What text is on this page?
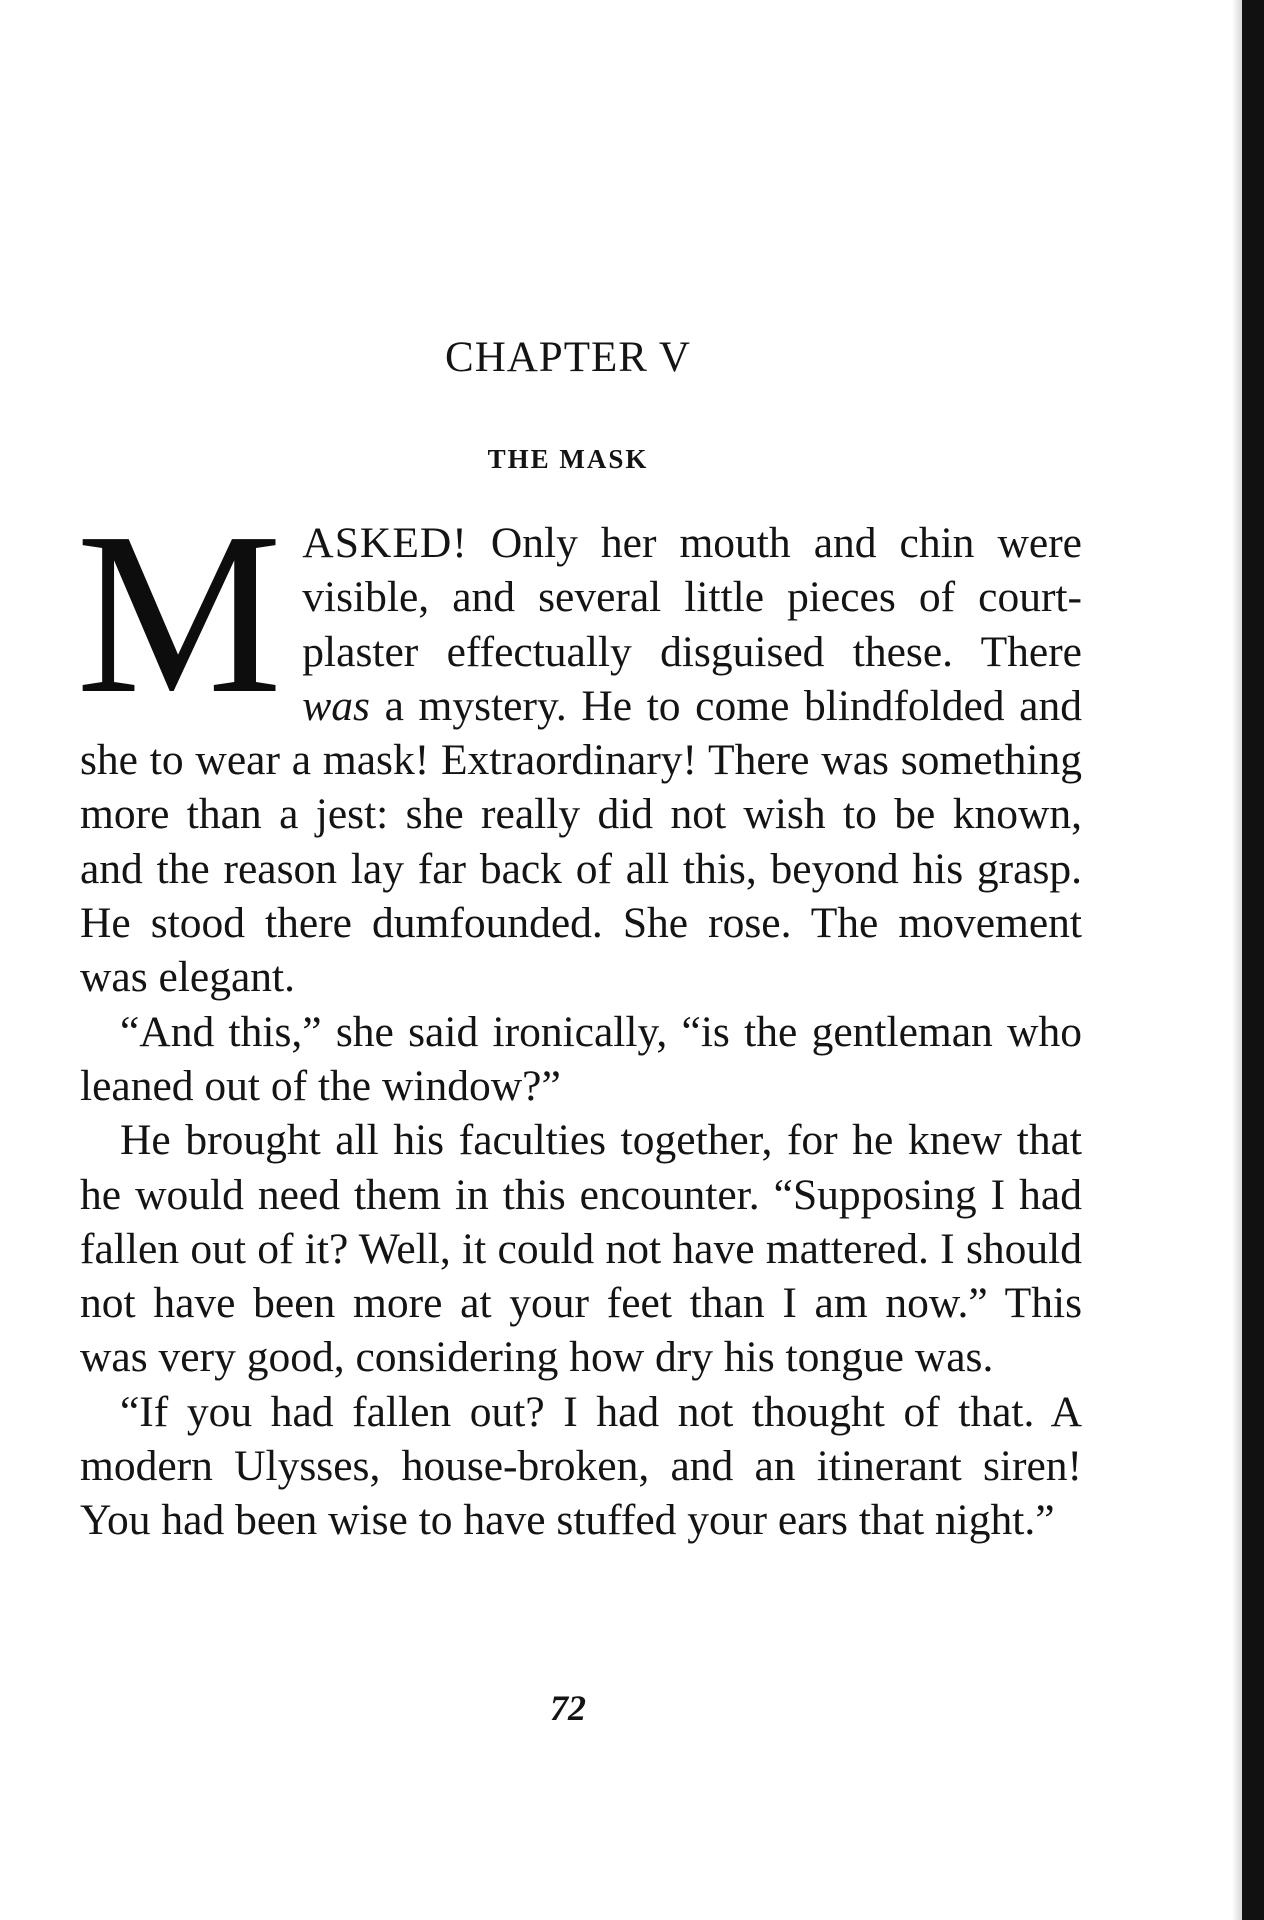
CHAPTER V
THE MASK

MASKED! Only her mouth and chin were visible, and several little pieces of court-plaster effectually disguised these. There was a mystery. He to come blindfolded and she to wear a mask! Extraordinary! There was something more than a jest: she really did not wish to be known, and the reason lay far back of all this, beyond his grasp. He stood there dumfounded. She rose. The movement was elegant.

“And this,” she said ironically, “is the gentleman who leaned out of the window?”

He brought all his faculties together, for he knew that he would need them in this encounter. “Supposing I had fallen out of it? Well, it could not have mattered. I should not have been more at your feet than I am now.” This was very good, considering how dry his tongue was.

“If you had fallen out? I had not thought of that. A modern Ulysses, house-broken, and an itinerant siren! You had been wise to have stuffed your ears that night.”

72
